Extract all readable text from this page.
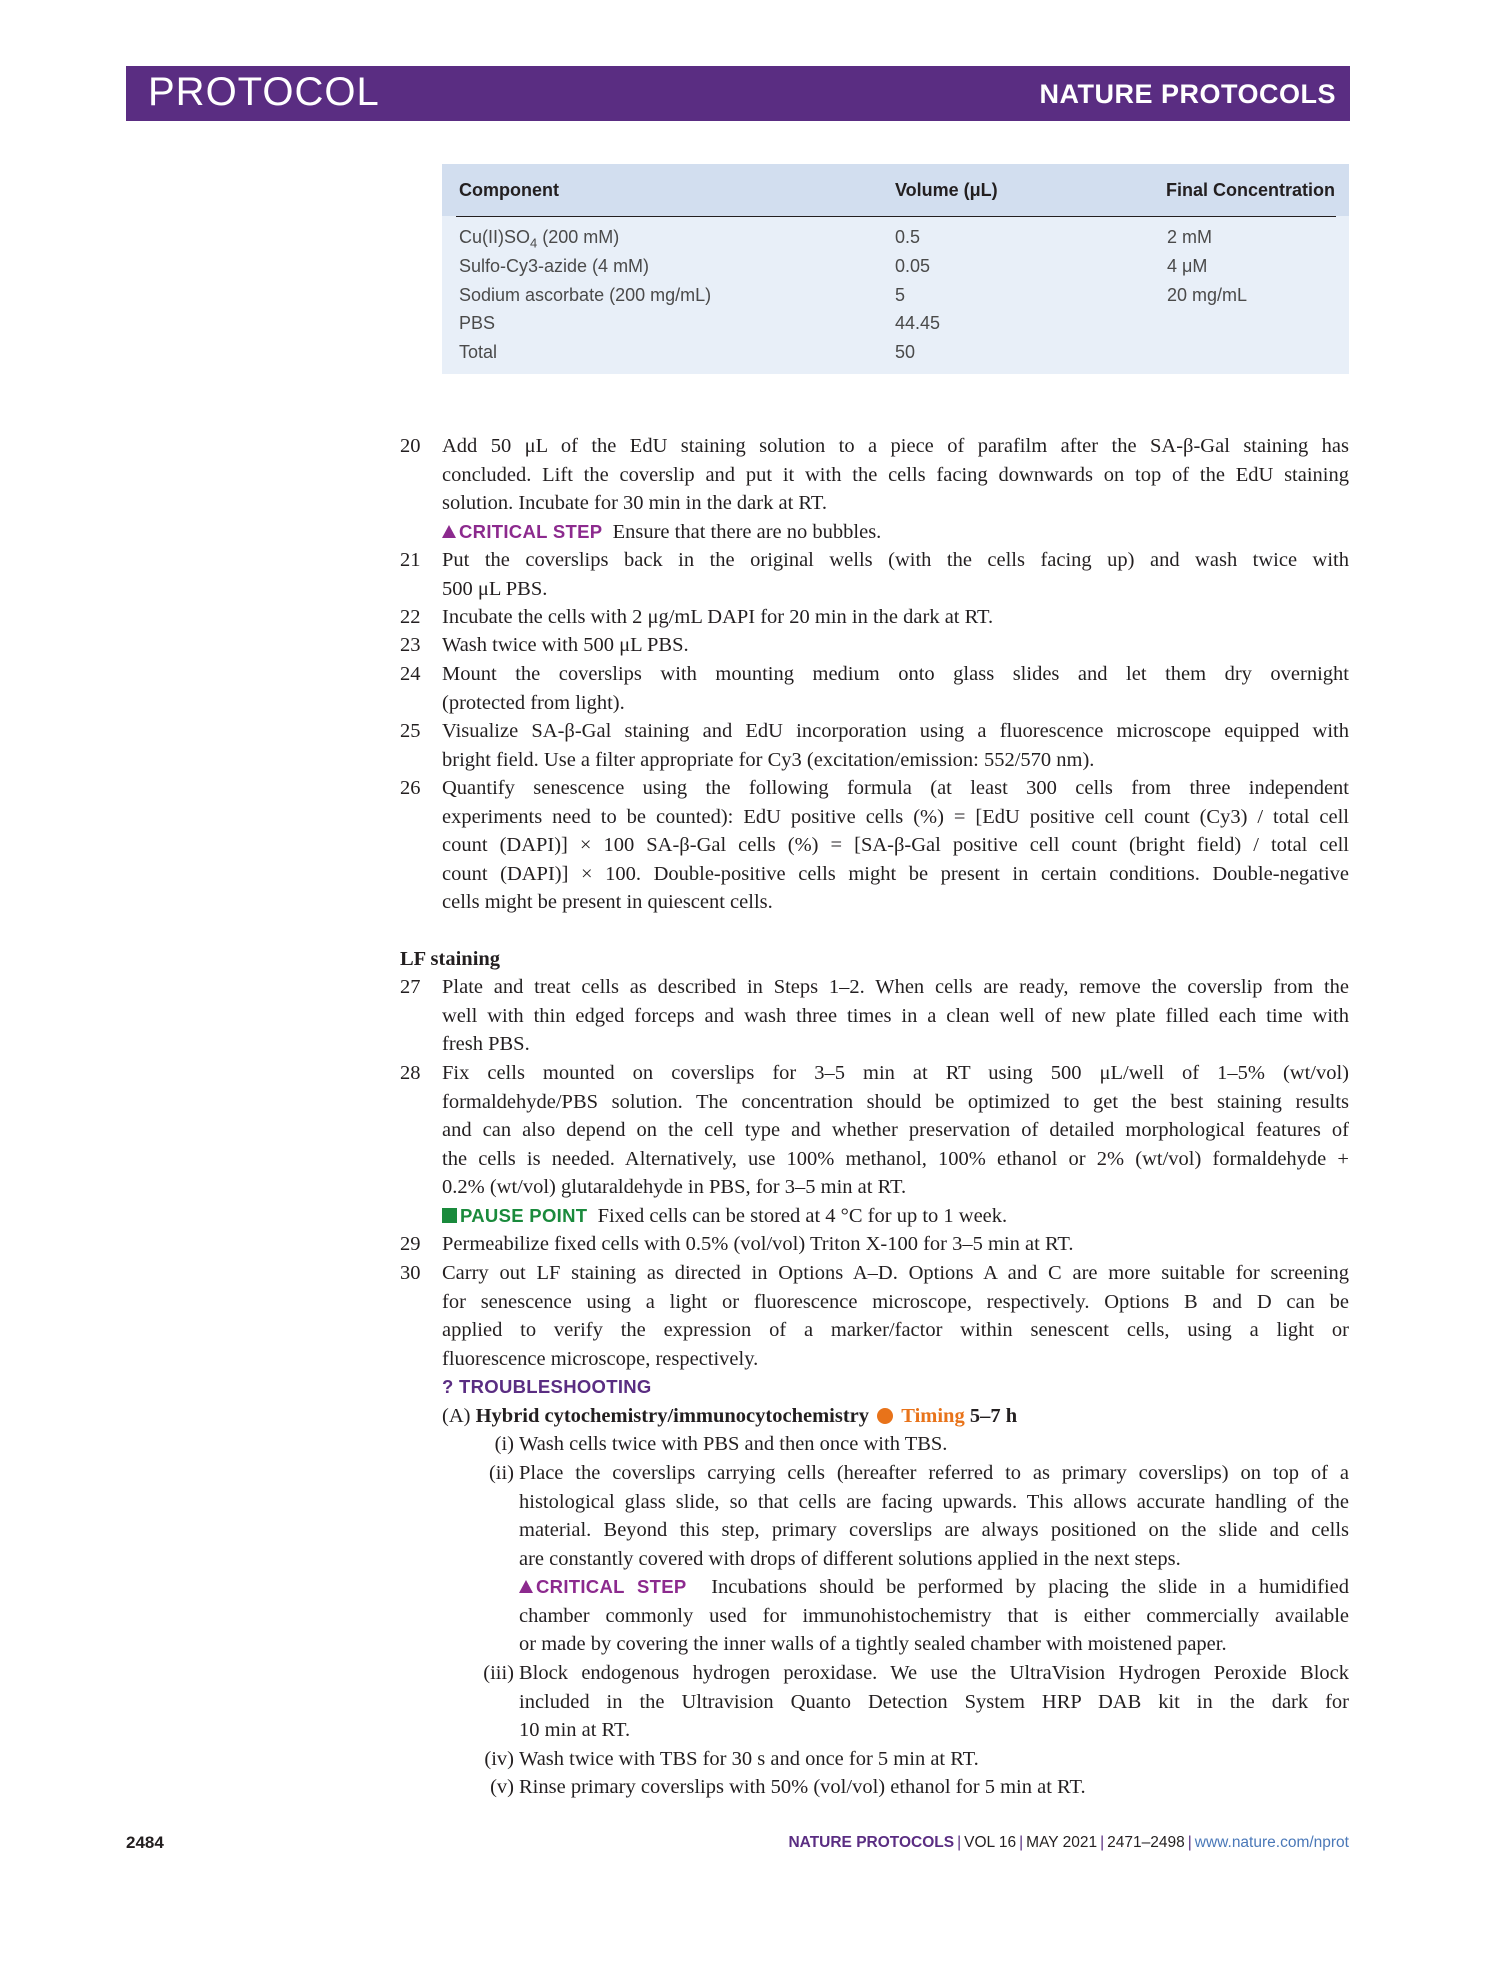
PROTOCOL	NATURE PROTOCOLS
Component	Volume (μL)	Final Concentration
$Cu(II)SO_4$ (200 mM)	0.5	2 mM
Sulfo-Cy3-azide (4 mM)	0.05	4 μM
Sodium ascorbate (200 mg/mL)	5	20 mg/mL
PBS	44.45
Total	50
20 Add 50 μL of the EdU staining solution to a piece of parafilm after the SA-β-Gal staining has
concluded. Lift the coverslip and put it with the cells facing downwards on top of the EdU staining
solution. Incubate for 30 min in the dark at RT.
CRITICAL STEP Ensure that there are no bubbles.
21 Put the coverslips back in the original wells (with the cells facing up) and wash twice with
500 μL PBS.
22 Incubate the cells with 2 μg/mL DAPI for 20 min in the dark at RT.
23 Wash twice with 500 μL PBS.
24 Mount the coverslips with mounting medium onto glass slides and let them dry overnight
(protected from light).
25 Visualize SA-β-Gal staining and EdU incorporation using a fluorescence microscope equipped with
bright field. Use a filter appropriate for Cy3 (excitation/emission: 552/570 nm).
26 Quantify senescence using the following formula (at least 300 cells from three independent
experiments need to be counted): EdU positive cells (%) = [EdU positive cell count (Cy3) / total cell
count (DAPI)] × 100 SA-β-Gal cells (%) = [SA-β-Gal positive cell count (bright field) / total cell
count (DAPI)] × 100. Double-positive cells might be present in certain conditions. Double-negative
cells might be present in quiescent cells.
LF staining
27 Plate and treat cells as described in Steps 1–2. When cells are ready, remove the coverslip from the
well with thin edged forceps and wash three times in a clean well of new plate filled each time with
fresh PBS.
28 Fix cells mounted on coverslips for 3–5 min at RT using 500 μL/well of 1–5% (wt/vol)
formaldehyde/PBS solution. The concentration should be optimized to get the best staining results
and can also depend on the cell type and whether preservation of detailed morphological features of
the cells is needed. Alternatively, use 100% methanol, 100% ethanol or 2% (wt/vol) formaldehyde +
0.2% (wt/vol) glutaraldehyde in PBS, for 3–5 min at RT.
PAUSE POINT Fixed cells can be stored at 4 °C for up to 1 week.
29 Permeabilize fixed cells with 0.5% (vol/vol) Triton X-100 for 3–5 min at RT.
30 Carry out LF staining as directed in Options A–D. Options A and C are more suitable for screening
for senescence using a light or fluorescence microscope, respectively. Options B and D can be
applied to verify the expression of a marker/factor within senescent cells, using a light or
fluorescence microscope, respectively.
? TROUBLESHOOTING
(A) Hybrid cytochemistry/immunocytochemistry Timing 5–7 h
(i) Wash cells twice with PBS and then once with TBS.
(ii) Place the coverslips carrying cells (hereafter referred to as primary coverslips) on top of a
histological glass slide, so that cells are facing upwards. This allows accurate handling of the
material. Beyond this step, primary coverslips are always positioned on the slide and cells
are constantly covered with drops of different solutions applied in the next steps.
CRITICAL STEP Incubations should be performed by placing the slide in a humidified
chamber commonly used for immunohistochemistry that is either commercially available
or made by covering the inner walls of a tightly sealed chamber with moistened paper.
(iii) Block endogenous hydrogen peroxidase. We use the UltraVision Hydrogen Peroxide Block
included in the Ultravision Quanto Detection System HRP DAB kit in the dark for
10 min at RT.
(iv) Wash twice with TBS for 30 s and once for 5 min at RT.
(v) Rinse primary coverslips with 50% (vol/vol) ethanol for 5 min at RT.
2484	NATURE PROTOCOLS | VOL 16 | MAY 2021 | 2471–2498 | www.nature.com/nprot
